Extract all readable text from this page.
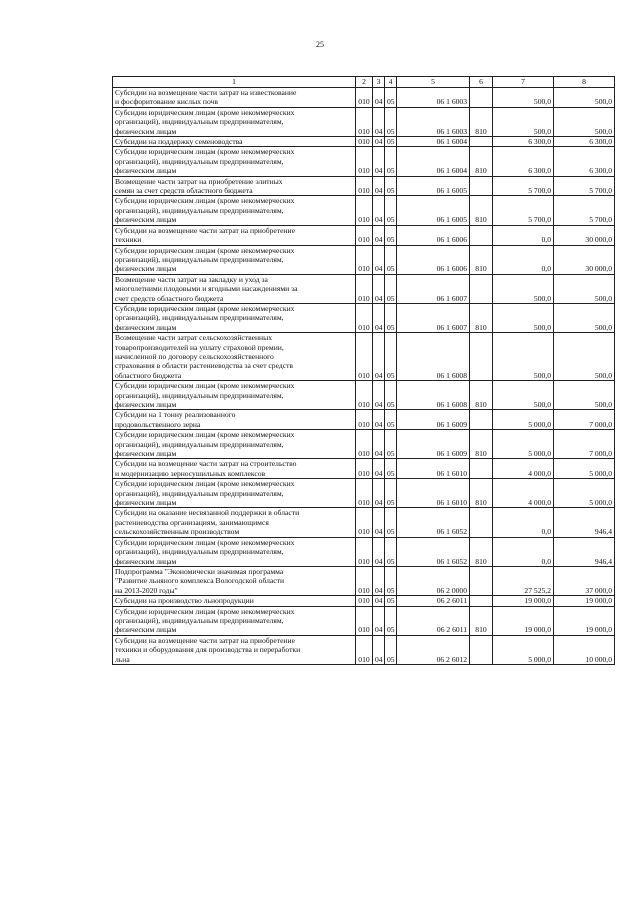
25
1	2	3	4	5	6	7	8
Субсидии на возмещение части затрат на известкование
и фосфоритование кислых почв	010	04	05	06 1 6003		500,0	500,0
Субсидии юридическим лицам (кроме некоммерческих
организаций), индивидуальным предпринимателям,
физическим лицам	010	04	05	06 1 6003	810	500,0	500,0
Субсидии на поддержку семеноводства	010	04	05	06 1 6004		6 300,0	6 300,0
Субсидии юридическим лицам (кроме некоммерческих
организаций), индивидуальным предпринимателям,
физическим лицам	010	04	05	06 1 6004	810	6 300,0	6 300,0
Возмещение части затрат на приобретение элитных
семян за счет средств областного бюджета	010	04	05	06 1 6005		5 700,0	5 700,0
Субсидии юридическим лицам (кроме некоммерческих
организаций), индивидуальным предпринимателям,
физическим лицам	010	04	05	06 1 6005	810	5 700,0	5 700,0
Субсидии на возмещение части затрат на приобретение
техники	010	04	05	06 1 6006		0,0	30 000,0
Субсидии юридическим лицам (кроме некоммерческих
организаций), индивидуальным предпринимателям,
физическим лицам	010	04	05	06 1 6006	810	0,0	30 000,0
Возмещение части затрат на закладку и уход за
многолетними плодовыми и ягодными насаждениями за
счет средств областного бюджета	010	04	05	06 1 6007		500,0	500,0
Субсидии юридическим лицам (кроме некоммерческих
организаций), индивидуальным предпринимателям,
физическим лицам	010	04	05	06 1 6007	810	500,0	500,0
Возмещение части затрат сельскохозяйственных
товаропроизводителей на уплату страховой премии,
начисленной по договору сельскохозяйственного
страхования в области растениеводства за счет средств
областного бюджета	010	04	05	06 1 6008		500,0	500,0
Субсидии юридическим лицам (кроме некоммерческих
организаций), индивидуальным предпринимателям,
физическим лицам	010	04	05	06 1 6008	810	500,0	500,0
Субсидии на 1 тонну реализованного
продовольственного зерна	010	04	05	06 1 6009		5 000,0	7 000,0
Субсидии юридическим лицам (кроме некоммерческих
организаций), индивидуальным предпринимателям,
физическим лицам	010	04	05	06 1 6009	810	5 000,0	7 000,0
Субсидии на возмещение части затрат на строительство
и модернизацию зерносушильных комплексов	010	04	05	06 1 6010		4 000,0	5 000,0
Субсидии юридическим лицам (кроме некоммерческих
организаций), индивидуальным предпринимателям,
физическим лицам	010	04	05	06 1 6010	810	4 000,0	5 000,0
Субсидии на оказание несвязанной поддержки в области
растениеводства организациям, занимающимся
сельскохозяйственным производством	010	04	05	06 1 6052		0,0	946,4
Субсидии юридическим лицам (кроме некоммерческих
организаций), индивидуальным предпринимателям,
физическим лицам	010	04	05	06 1 6052	810	0,0	946,4
Подпрограмма "Экономически значимая программа
"Развитие льняного комплекса Вологодской области
на 2013-2020 годы"	010	04	05	06 2 0000		27 525,2	37 000,0
Субсидии на производство льнопродукции	010	04	05	06 2 6011		19 000,0	19 000,0
Субсидии юридическим лицам (кроме некоммерческих
организаций), индивидуальным предпринимателям,
физическим лицам	010	04	05	06 2 6011	810	19 000,0	19 000,0
Субсидии на возмещение части затрат на приобретение
техники и оборудования для производства и переработки
льна	010	04	05	06 2 6012		5 000,0	10 000,0
